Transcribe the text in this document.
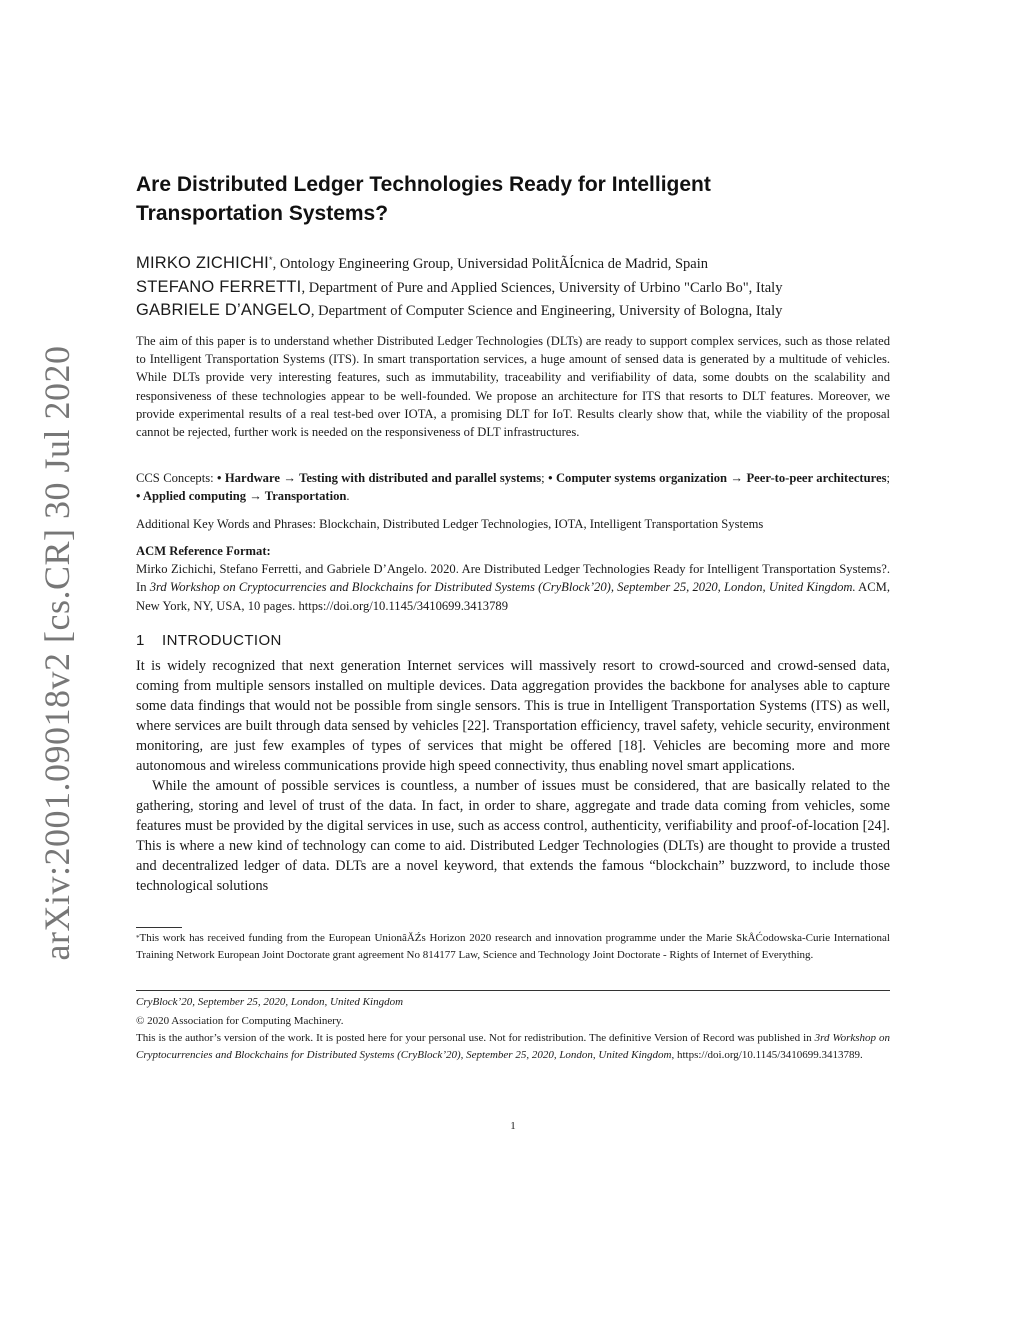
arXiv:2001.09018v2 [cs.CR] 30 Jul 2020
Are Distributed Ledger Technologies Ready for Intelligent
Transportation Systems?
MIRKO ZICHICHI*, Ontology Engineering Group, Universidad PolitÃĺcnica de Madrid, Spain
STEFANO FERRETTI, Department of Pure and Applied Sciences, University of Urbino "Carlo Bo", Italy
GABRIELE D’ANGELO, Department of Computer Science and Engineering, University of Bologna, Italy

The aim of this paper is to understand whether Distributed Ledger Technologies (DLTs) are ready to support complex services, such as those related to Intelligent Transportation Systems (ITS). In smart transportation services, a huge amount of sensed data is generated by a multitude of vehicles. While DLTs provide very interesting features, such as immutability, traceability and verifiability of data, some doubts on the scalability and responsiveness of these technologies appear to be well-founded. We propose an architecture for ITS that resorts to DLT features. Moreover, we provide experimental results of a real test-bed over IOTA, a promising DLT for IoT. Results clearly show that, while the viability of the proposal cannot be rejected, further work is needed on the responsiveness of DLT infrastructures.

CCS Concepts: • Hardware → Testing with distributed and parallel systems; • Computer systems organization → Peer-to-peer architectures; • Applied computing → Transportation.

Additional Key Words and Phrases: Blockchain, Distributed Ledger Technologies, IOTA, Intelligent Transportation Systems

ACM Reference Format:

Mirko Zichichi, Stefano Ferretti, and Gabriele D’Angelo. 2020. Are Distributed Ledger Technologies Ready for Intelligent Transportation Systems?. In 3rd Workshop on Cryptocurrencies and Blockchains for Distributed Systems (CryBlock’20), September 25, 2020, London, United Kingdom. ACM, New York, NY, USA, 10 pages. https://doi.org/10.1145/3410699.3413789

1 INTRODUCTION

It is widely recognized that next generation Internet services will massively resort to crowd-sourced and crowd-sensed data, coming from multiple sensors installed on multiple devices. Data aggregation provides the backbone for analyses able to capture some data findings that would not be possible from single sensors. This is true in Intelligent Transportation Systems (ITS) as well, where services are built through data sensed by vehicles [22]. Transportation efficiency, travel safety, vehicle security, environment monitoring, are just few examples of types of services that might be offered [18]. Vehicles are becoming more and more autonomous and wireless communications provide high speed connectivity, thus enabling novel smart applications.

While the amount of possible services is countless, a number of issues must be considered, that are basically related to the gathering, storing and level of trust of the data. In fact, in order to share, aggregate and trade data coming from vehicles, some features must be provided by the digital services in use, such as access control, authenticity, verifiability and proof-of-location [24]. This is where a new kind of technology can come to aid. Distributed Ledger Technologies (DLTs) are thought to provide a trusted and decentralized ledger of data. DLTs are a novel keyword, that extends the famous “blockchain” buzzword, to include those technological solutions

*This work has received funding from the European UnionâĂŹs Horizon 2020 research and innovation programme under the Marie SkÅĆodowska-Curie International Training Network European Joint Doctorate grant agreement No 814177 Law, Science and Technology Joint Doctorate - Rights of Internet of Everything.

CryBlock’20, September 25, 2020, London, United Kingdom

© 2020 Association for Computing Machinery.

This is the author’s version of the work. It is posted here for your personal use. Not for redistribution. The definitive Version of Record was published in 3rd Workshop on Cryptocurrencies and Blockchains for Distributed Systems (CryBlock’20), September 25, 2020, London, United Kingdom, https://doi.org/10.1145/3410699.3413789.

1
